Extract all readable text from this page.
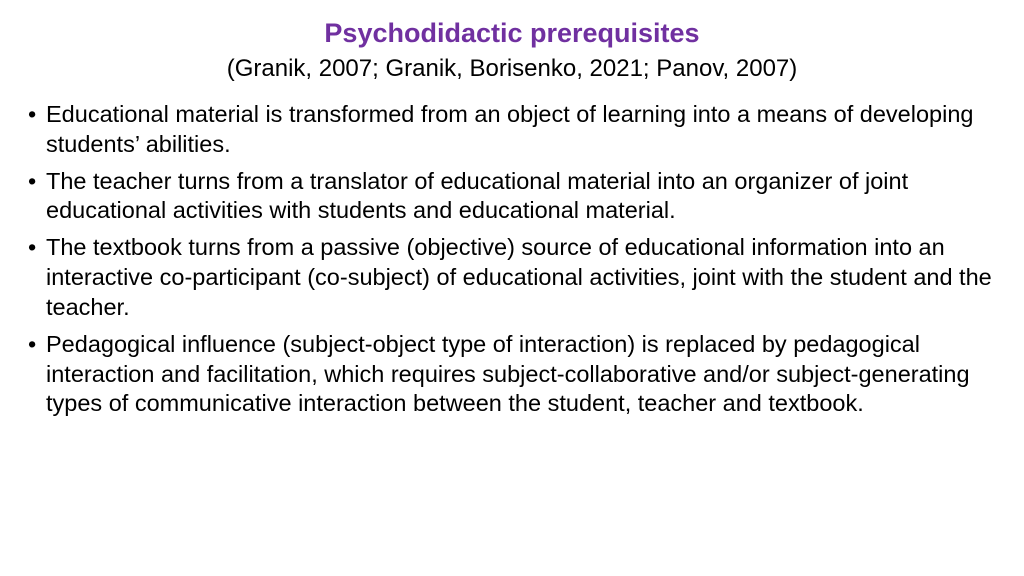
Psychodidactic prerequisites
(Granik, 2007; Granik, Borisenko, 2021; Panov, 2007)
• Educational material is transformed from an object of learning into a means of developing students’ abilities.
• The teacher turns from a translator of educational material into an organizer of joint educational activities with students and educational material.
• The textbook turns from a passive (objective) source of educational information into an interactive co-participant (co-subject) of educational activities, joint with the student and the teacher.
• Pedagogical influence (subject-object type of interaction) is replaced by pedagogical interaction and facilitation, which requires subject-collaborative and/or subject-generating types of communicative interaction between the student, teacher and textbook.
